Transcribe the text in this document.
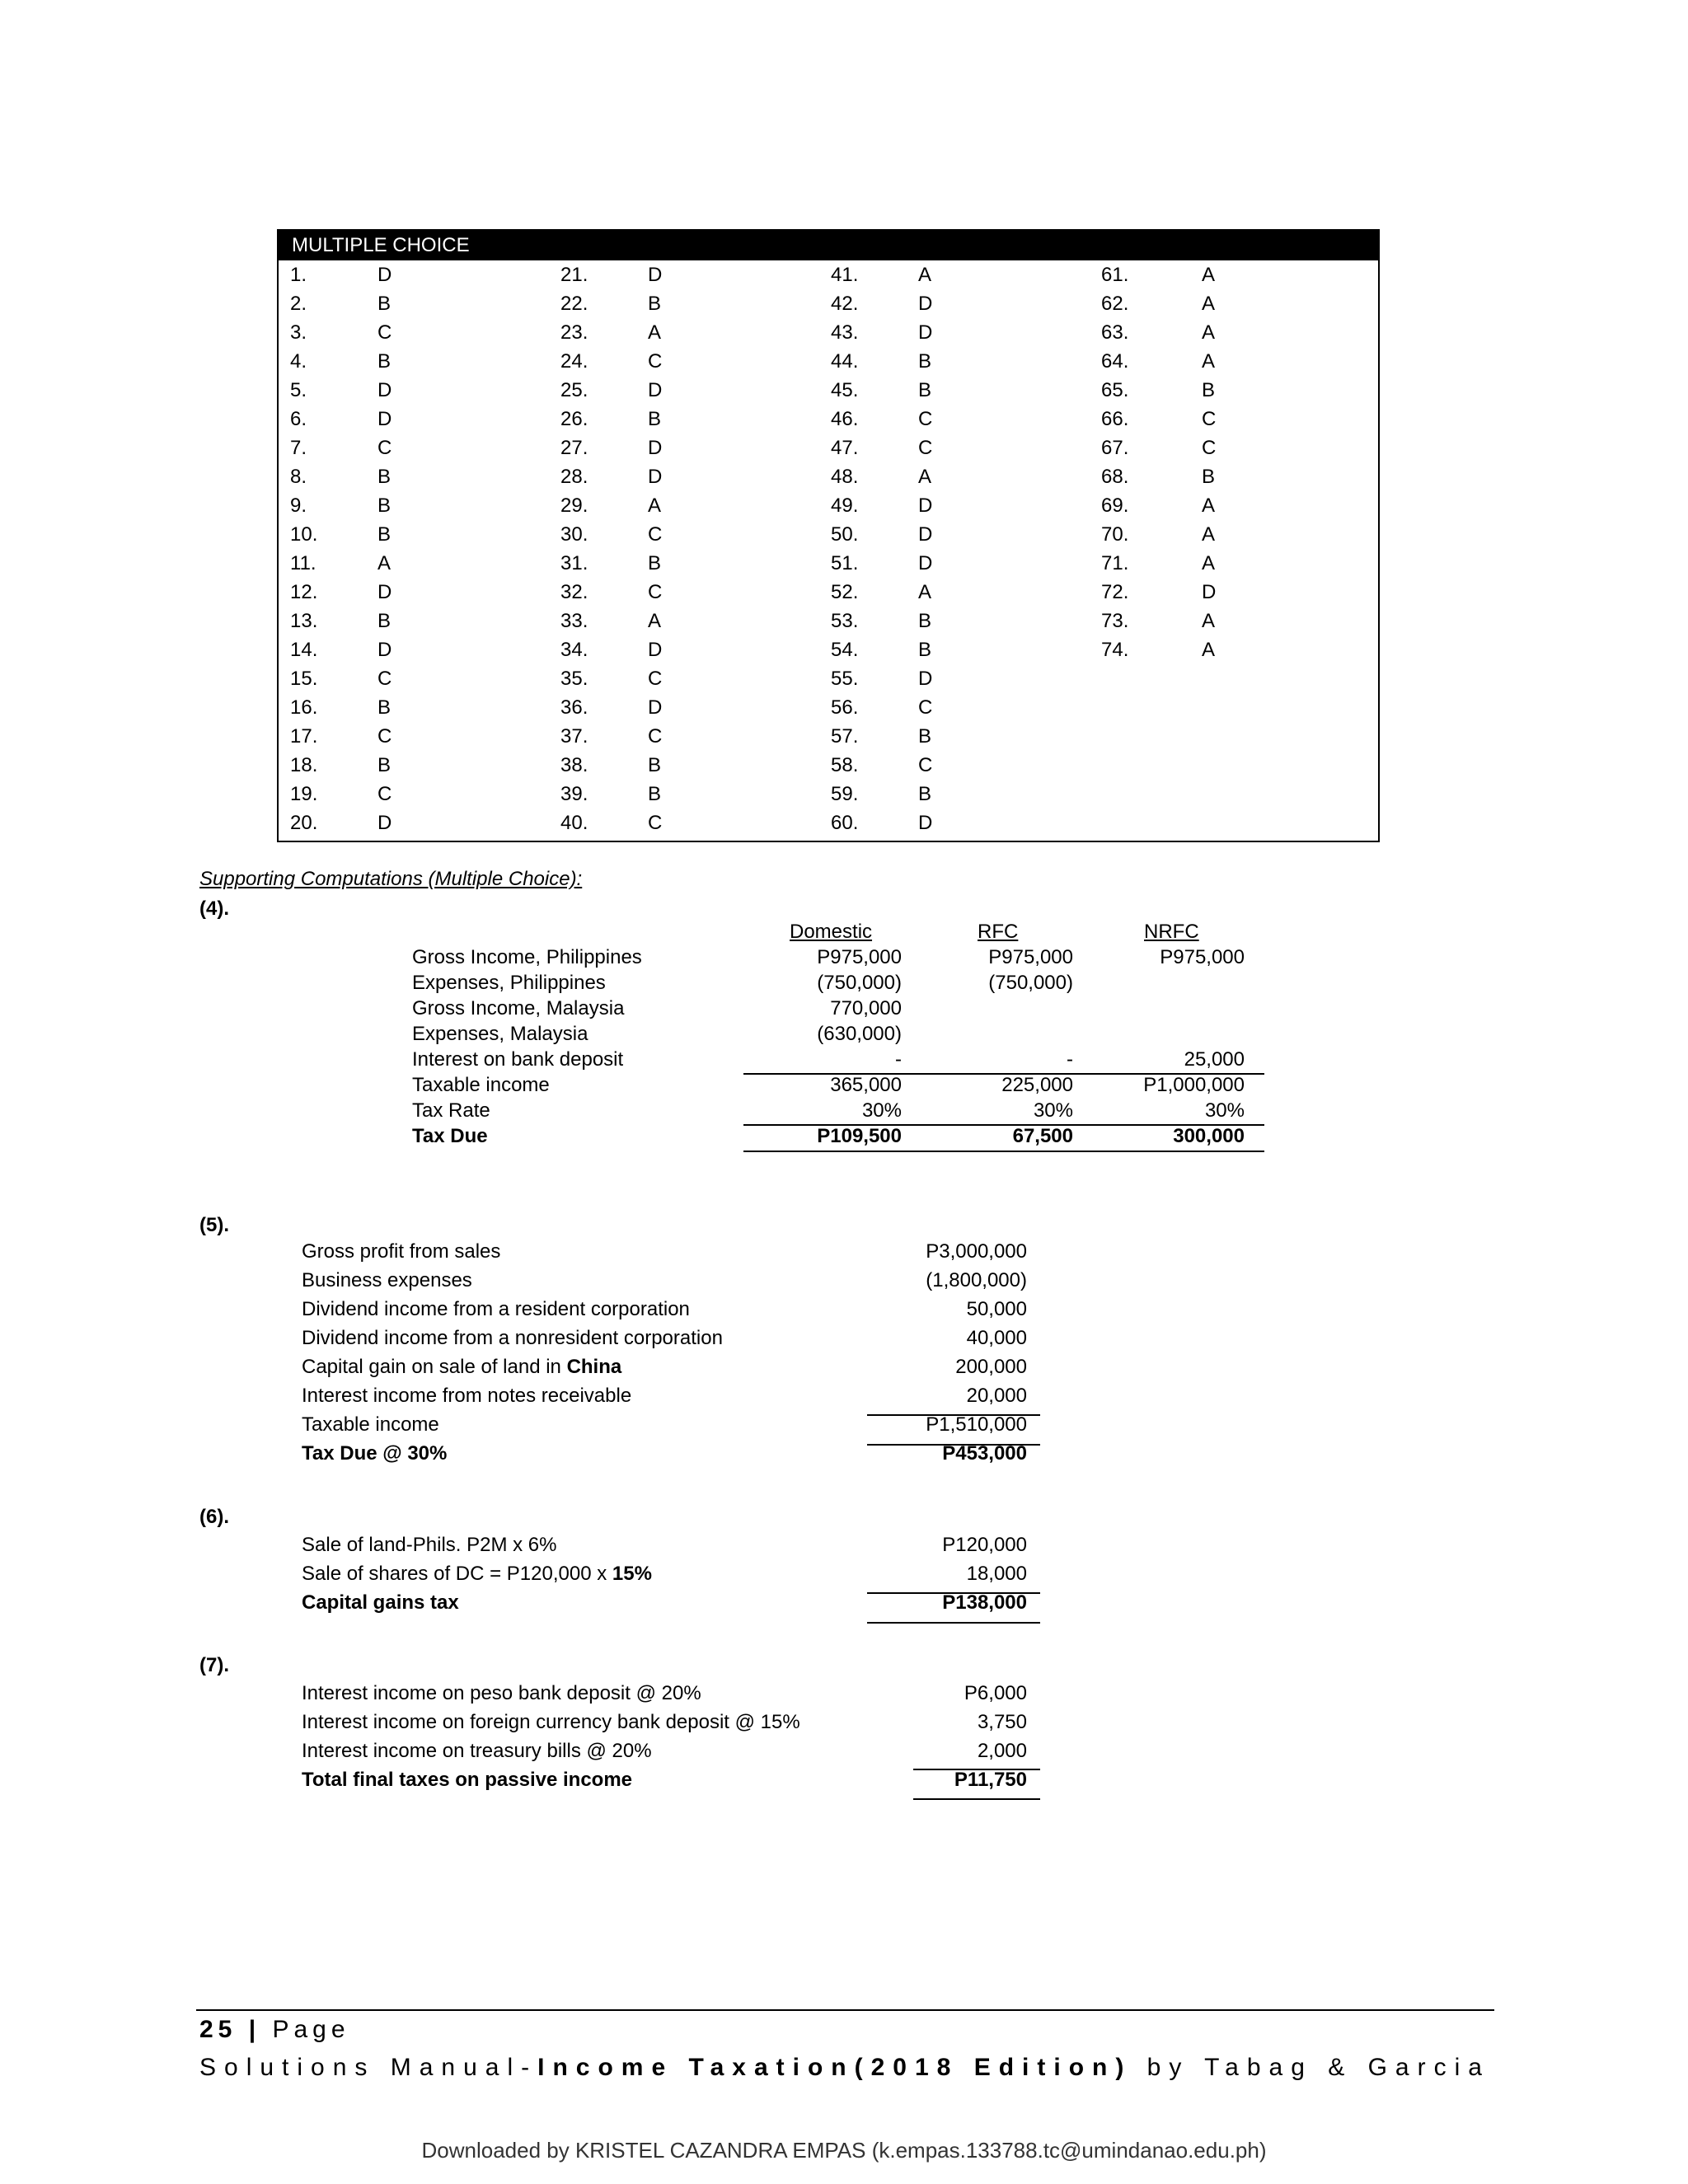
MULTIPLE CHOICE
1.	D
2.	B
3.	C
4.	B
5.	D
6.	D
7.	C
8.	B
9.	B
10.	B
11.	A
12.	D
13.	B
14.	D
15.	C
16.	B
17.	C
18.	B
19.	C
20.	D
21.	D
22.	B
23.	A
24.	C
25.	D
26.	B
27.	D
28.	D
29.	A
30.	C
31.	B
32.	C
33.	A
34.	D
35.	C
36.	D
37.	C
38.	B
39.	B
40.	C
41.	A
42.	D
43.	D
44.	B
45.	B
46.	C
47.	C
48.	A
49.	D
50.	D
51.	D
52.	A
53.	B
54.	B
55.	D
56.	C
57.	B
58.	C
59.	B
60.	D
61.	A
62.	A
63.	A
64.	A
65.	B
66.	C
67.	C
68.	B
69.	A
70.	A
71.	A
72.	D
73.	A
74.	A
Supporting Computations (Multiple Choice):
(4).
Domestic	RFC	NRFC
Gross Income, Philippines	P975,000	P975,000	P975,000
Expenses, Philippines	(750,000)	(750,000)
Gross Income, Malaysia	770,000
Expenses, Malaysia	(630,000)
Interest on bank deposit	-	-	25,000
Taxable income	365,000	225,000	P1,000,000
Tax Rate	30%	30%	30%
Tax Due	P109,500	67,500	300,000
(5).
Gross profit from sales	P3,000,000
Business expenses	(1,800,000)
Dividend income from a resident corporation	50,000
Dividend income from a nonresident corporation	40,000
Capital gain on sale of land in China	200,000
Interest income from notes receivable	20,000
Taxable income	P1,510,000
Tax Due @ 30%	P453,000
(6).
Sale of land-Phils. P2M x 6%	P120,000
Sale of shares of DC = P120,000 x 15%	18,000
Capital gains tax	P138,000
(7).
Interest income on peso bank deposit @ 20%	P6,000
Interest income on foreign currency bank deposit @ 15%	3,750
Interest income on treasury bills @ 20%	2,000
Total final taxes on passive income	P11,750
25 | Page
Solutions Manual-Income Taxation(2018 Edition) by Tabag & Garcia
Downloaded by KRISTEL CAZANDRA EMPAS (k.empas.133788.tc@umindanao.edu.ph)
